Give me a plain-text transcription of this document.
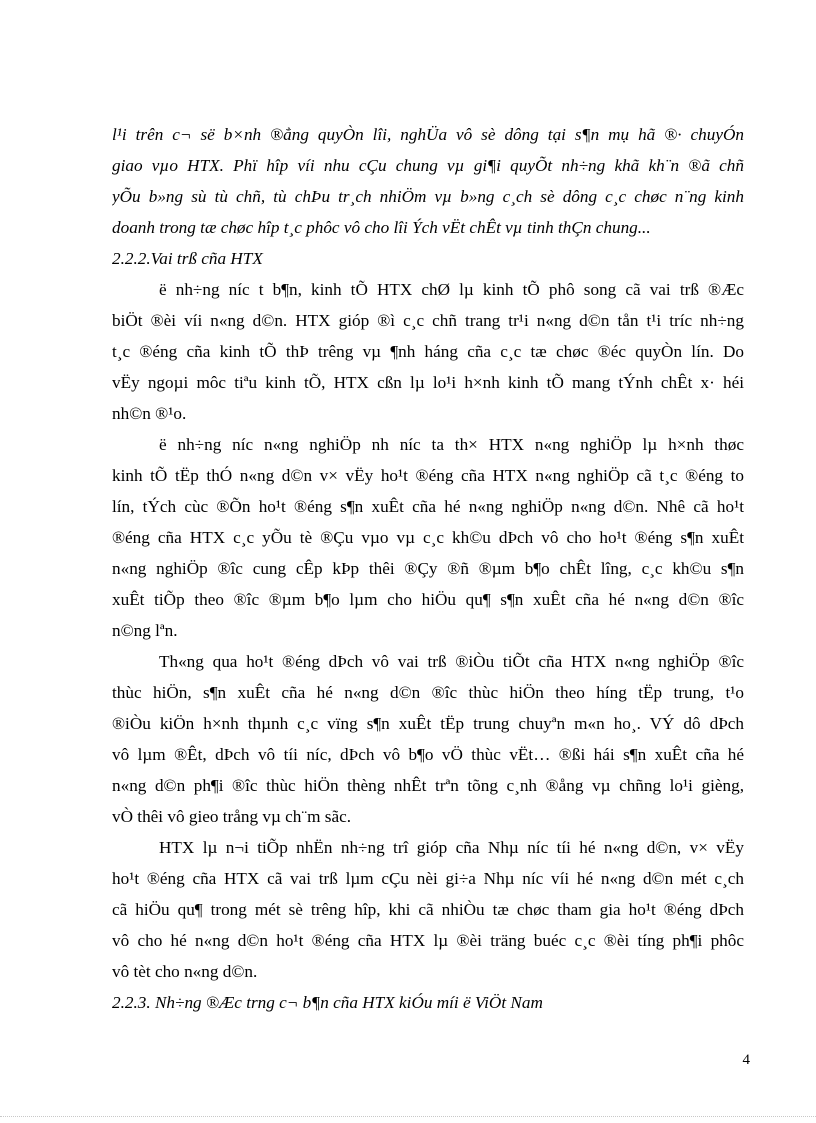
l¹i trên c¬ së b×nh ®ẳng quyÒn lîi, nghÜa vô sè dông tại s¶n mụ hã ®· chuyÓn
giao vµo HTX. Phï hîp víi nhu cÇu chung vµ gi¶i quyÕt nh÷ng khã kh¨n ®ã chñ
yÕu b»ng sù tù chñ, tù chÞu tr¸ch nhiÖm vµ b»ng c¸ch sè dông c¸c chøc n¨ng kinh
doanh trong tæ chøc hîp t¸c phôc vô cho lîi Ých vËt chÊt vµ tinh thÇn chung...
2.2.2.Vai trß cña HTX
ë nh÷ng níc t b¶n, kinh tÕ HTX chØ lµ kinh tÕ phô song cã vai trß ®Æc
biÖt ®èi víi n«ng d©n. HTX gióp ®ì c¸c chñ trang tr¹i n«ng d©n tån t¹i tríc nh÷ng
t¸c ®éng cña kinh tÕ thÞ trêng vµ ¶nh háng cña c¸c tæ chøc ®éc quyÒn lín. Do
vËy ngoµi môc tiªu kinh tÕ, HTX cßn lµ lo¹i h×nh kinh tÕ mang tÝnh chÊt x· héi
nh©n ®¹o.
ë nh÷ng níc n«ng nghiÖp nh níc ta th× HTX n«ng nghiÖp lµ h×nh thøc
kinh tÕ tËp thÓ n«ng d©n v× vËy ho¹t ®éng cña HTX n«ng nghiÖp cã t¸c ®éng to
lín, tÝch cùc ®Õn ho¹t ®éng s¶n xuÊt cña hé n«ng nghiÖp n«ng d©n. Nhê cã ho¹t
®éng cña HTX c¸c yÕu tè ®Çu vµo vµ c¸c kh©u dÞch vô cho ho¹t ®éng s¶n xuÊt
n«ng nghiÖp ®îc cung cÊp kÞp thêi ®Çy ®ñ ®µm b¶o chÊt lîng, c¸c kh©u s¶n
xuÊt tiÕp theo ®îc ®µm b¶o lµm cho hiÖu qu¶ s¶n xuÊt cña hé n«ng d©n ®îc
n©ng lªn.
Th«ng qua ho¹t ®éng dÞch vô vai trß ®iÒu tiÕt cña HTX n«ng nghiÖp ®îc
thùc hiÖn, s¶n xuÊt cña hé n«ng d©n ®îc thùc hiÖn theo híng tËp trung, t¹o
®iÒu kiÖn h×nh thµnh c¸c vïng s¶n xuÊt tËp trung chuyªn m«n ho¸. VÝ dô dÞch
vô lµm ®Êt, dÞch vô tíi níc, dÞch vô b¶o vÖ thùc vËt… ®ßi hái s¶n xuÊt cña hé
n«ng d©n ph¶i ®îc thùc hiÖn thèng nhÊt trªn tõng c¸nh ®ång vµ chñng lo¹i gièng,
vÒ thêi vô gieo trång vµ ch¨m sãc.
HTX lµ n¬i tiÕp nhËn nh÷ng trî gióp cña Nhµ níc tíi hé n«ng d©n, v× vËy
ho¹t ®éng cña HTX cã vai trß lµm cÇu nèi gi÷a Nhµ níc víi hé n«ng d©n mét c¸ch
cã hiÖu qu¶ trong mét sè trêng hîp, khi cã nhiÒu tæ chøc tham gia ho¹t ®éng dÞch
vô cho hé n«ng d©n ho¹t ®éng cña HTX lµ ®èi träng buéc c¸c ®èi tíng ph¶i phôc
vô tèt cho n«ng d©n.
2.2.3. Nh÷ng ®Æc trng c¬ b¶n cña HTX kiÓu míi ë ViÖt Nam
4
